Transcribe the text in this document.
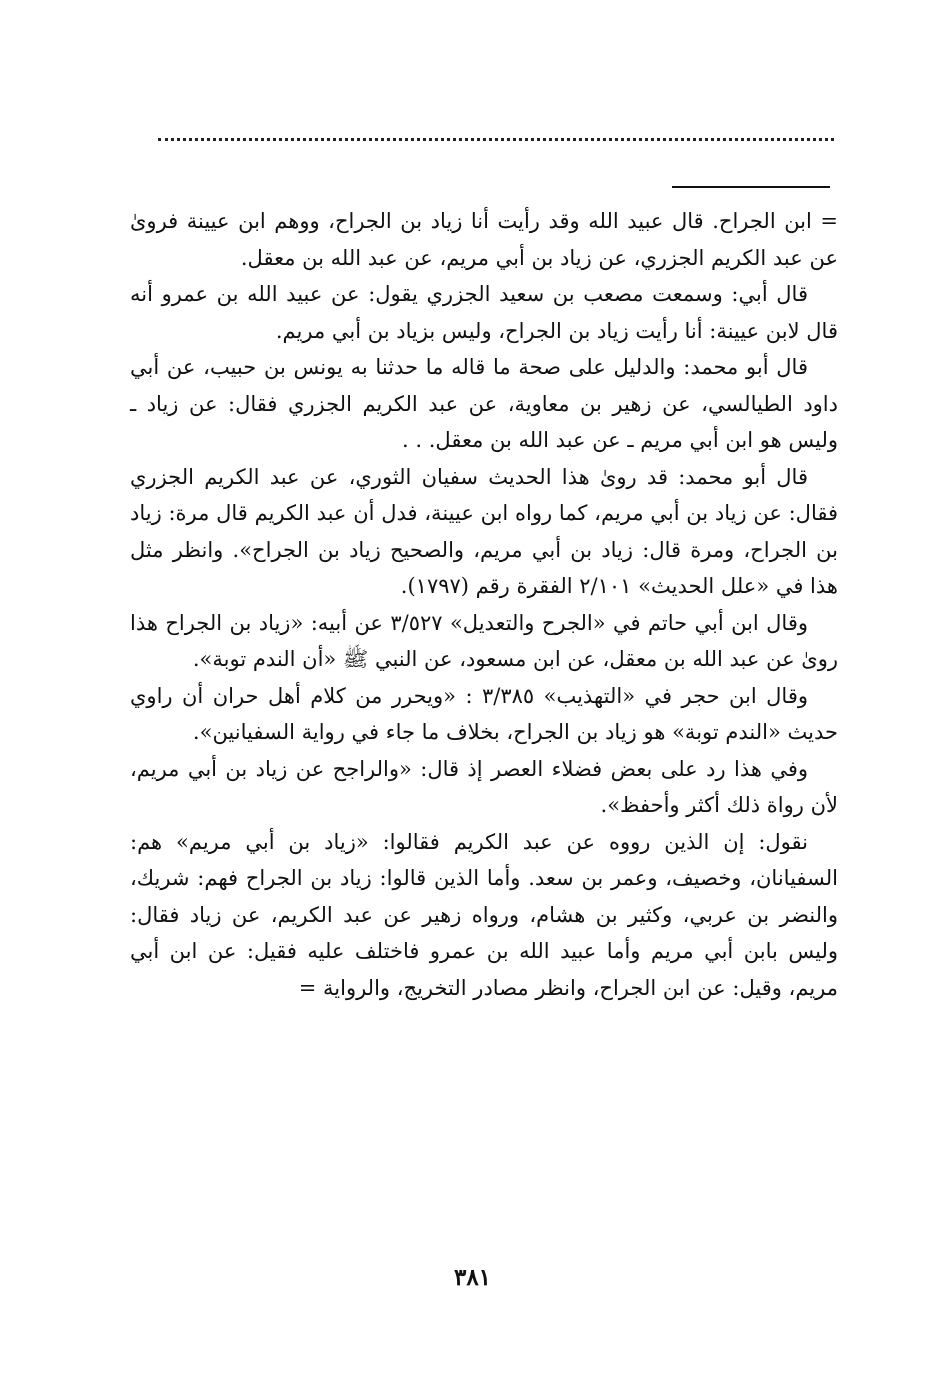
= ابن الجراح. قال عبيد الله وقد رأيت أنا زياد بن الجراح، ووهم ابن عيينة فروىٰ عن عبد الكريم الجزري، عن زياد بن أبي مريم، عن عبد الله بن معقل.

قال أبي: وسمعت مصعب بن سعيد الجزري يقول: عن عبيد الله بن عمرو أنه قال لابن عيينة: أنا رأيت زياد بن الجراح، وليس بزياد بن أبي مريم.

قال أبو محمد: والدليل على صحة ما قاله ما حدثنا به يونس بن حبيب، عن أبي داود الطيالسي، عن زهير بن معاوية، عن عبد الكريم الجزري فقال: عن زياد ـ وليس هو ابن أبي مريم ـ عن عبد الله بن معقل. . .

قال أبو محمد: قد روىٰ هذا الحديث سفيان الثوري، عن عبد الكريم الجزري فقال: عن زياد بن أبي مريم، كما رواه ابن عيينة، فدل أن عبد الكريم قال مرة: زياد بن الجراح، ومرة قال: زياد بن أبي مريم، والصحيح زياد بن الجراح». وانظر مثل هذا في «علل الحديث» ٢/١٠١ الفقرة رقم (١٧٩٧).

وقال ابن أبي حاتم في «الجرح والتعديل» ٣/٥٢٧ عن أبيه: «زياد بن الجراح هذا روىٰ عن عبد الله بن معقل، عن ابن مسعود، عن النبي ﷺ «أن الندم توبة».

وقال ابن حجر في «التهذيب» ٣/٣٨٥ : «ويحرر من كلام أهل حران أن راوي حديث «الندم توبة» هو زياد بن الجراح، بخلاف ما جاء في رواية السفيانين».

وفي هذا رد على بعض فضلاء العصر إذ قال: «والراجح عن زياد بن أبي مريم، لأن رواة ذلك أكثر وأحفظ».

نقول: إن الذين رووه عن عبد الكريم فقالوا: «زياد بن أبي مريم» هم: السفيانان، وخصيف، وعمر بن سعد. وأما الذين قالوا: زياد بن الجراح فهم: شريك، والنضر بن عربي، وكثير بن هشام، ورواه زهير عن عبد الكريم، عن زياد فقال: وليس بابن أبي مريم وأما عبيد الله بن عمرو فاختلف عليه فقيل: عن ابن أبي مريم، وقيل: عن ابن الجراح، وانظر مصادر التخريج، والرواية =

٣٨١
